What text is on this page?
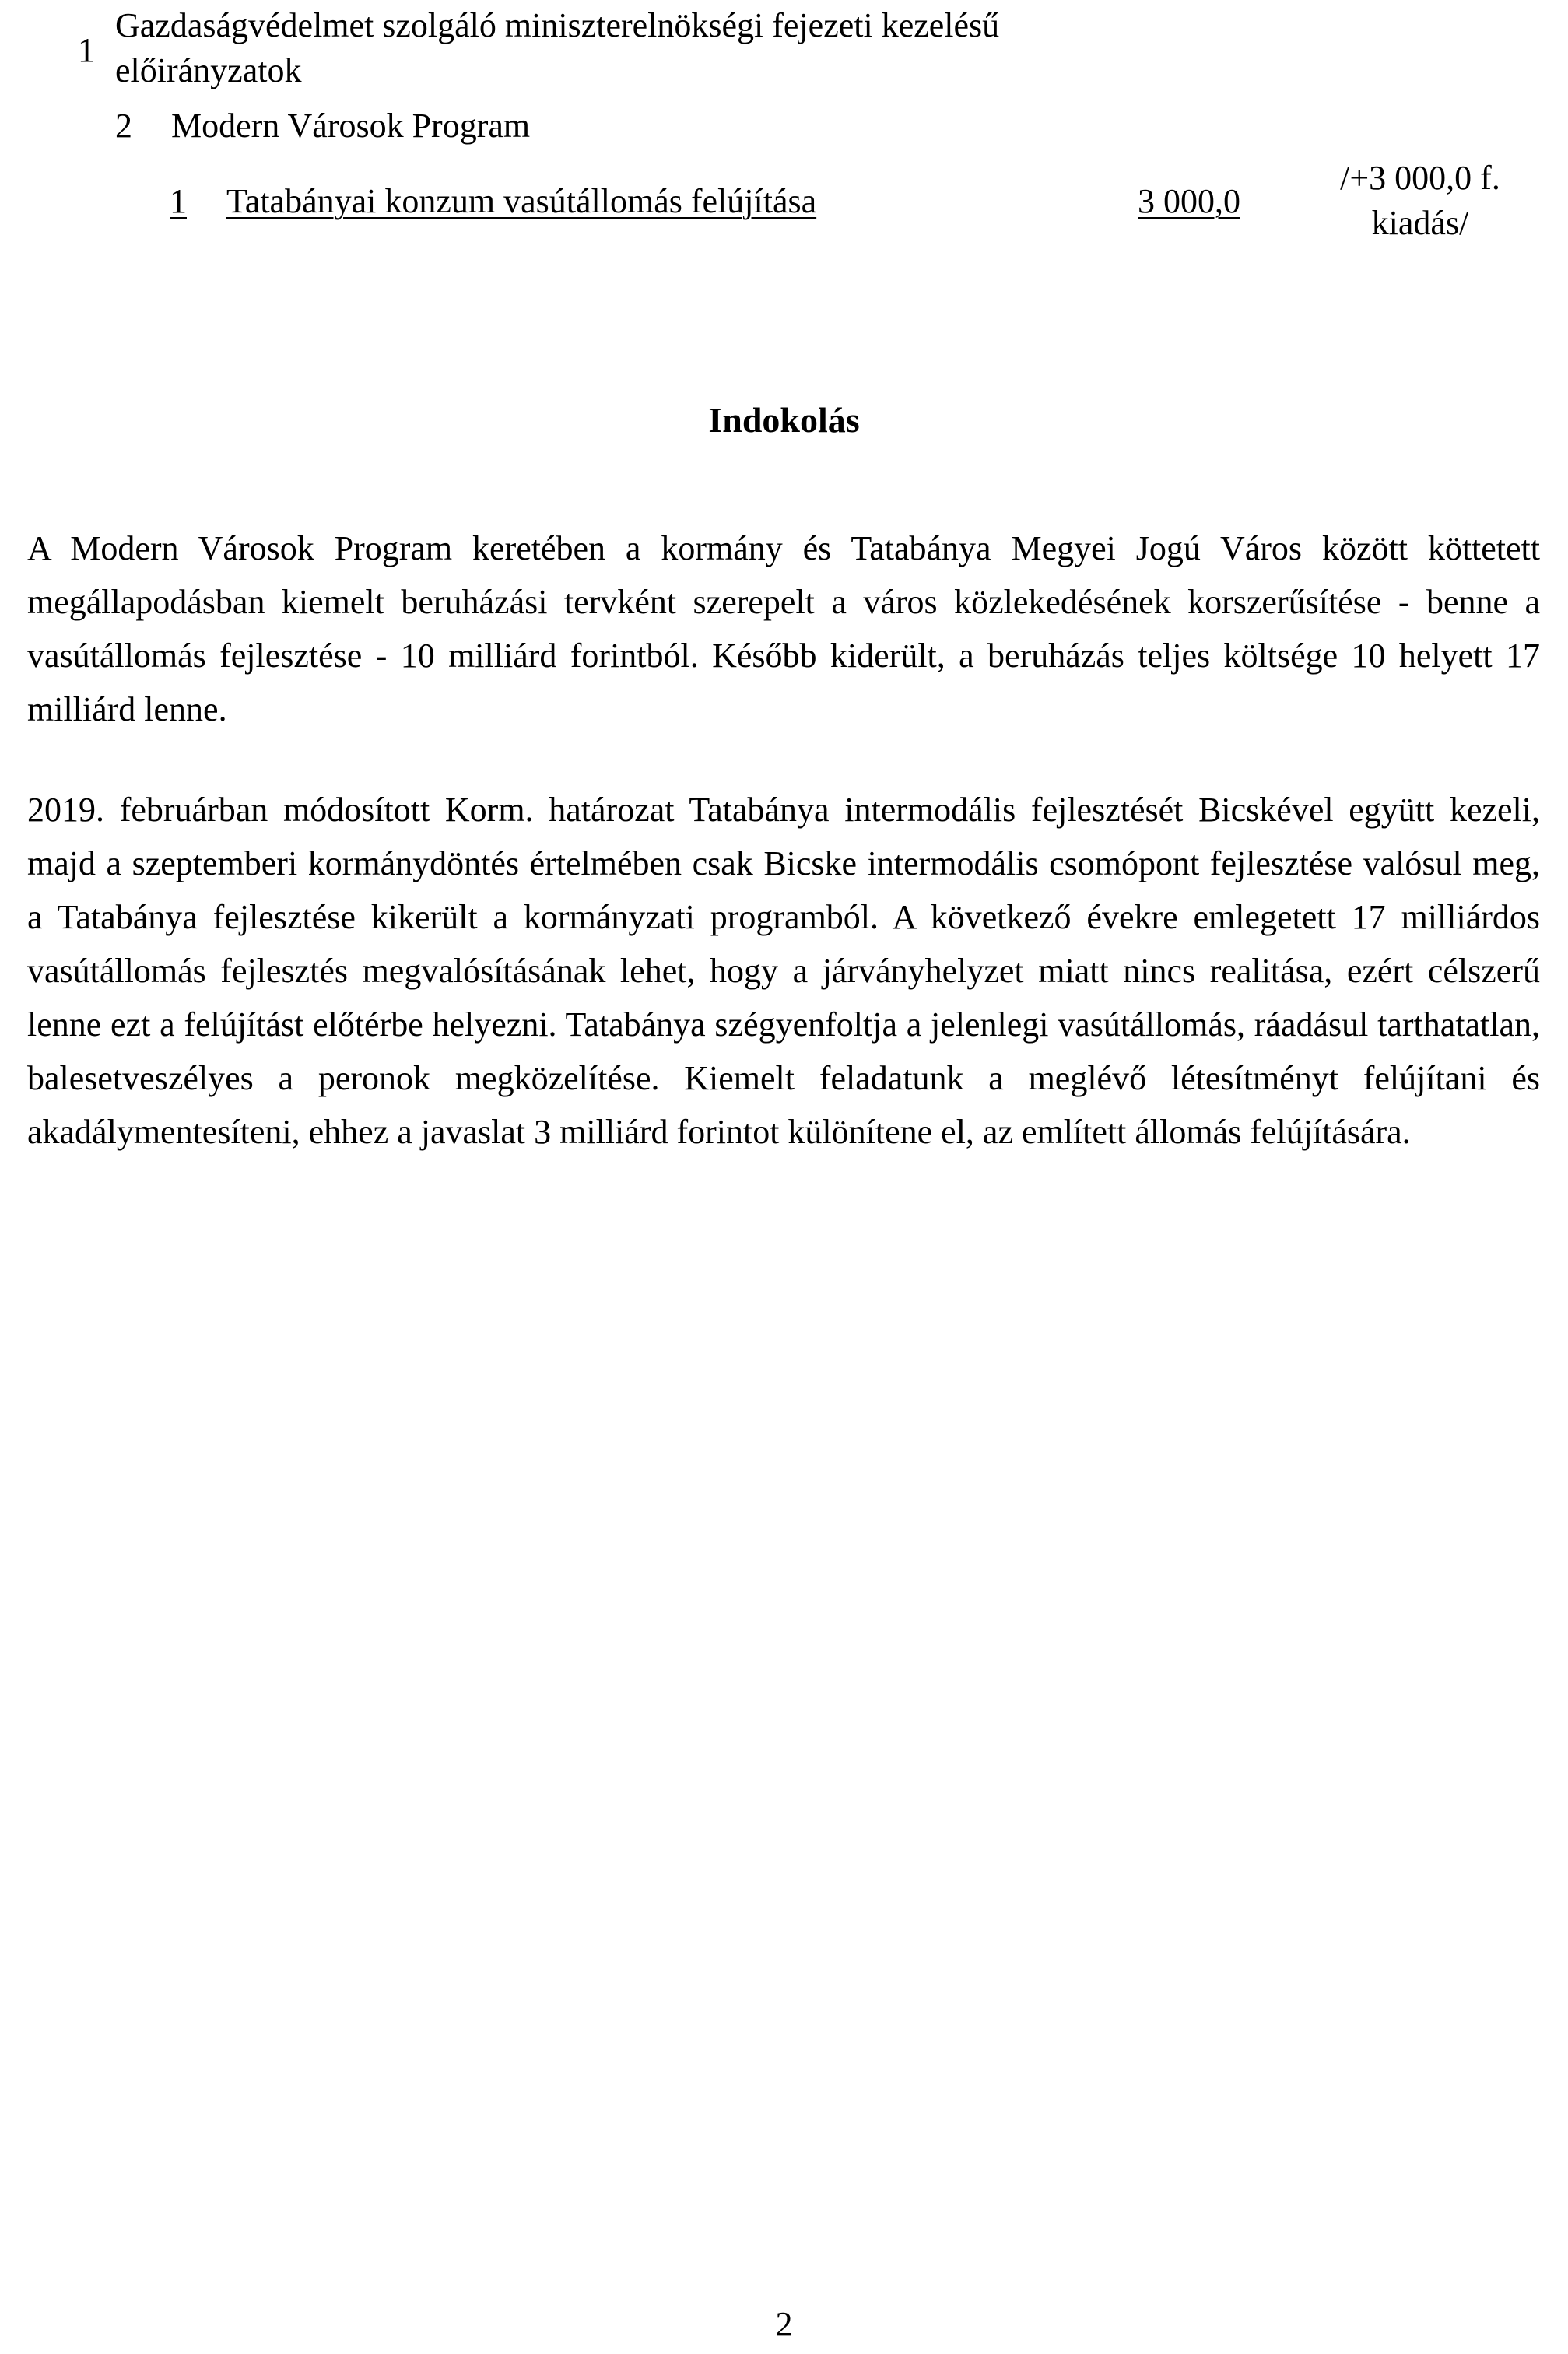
1
Gazdaságvédelmet szolgáló miniszterelnökségi fejezeti kezelésű előirányzatok
2 Modern Városok Program
1 Tatabányai konzum vasútállomás felújítása	3 000,0
/+3 000,0 f. kiadás/
Indokolás

A Modern Városok Program keretében a kormány és Tatabánya Megyei Jogú Város között köttetett megállapodásban kiemelt beruházási tervként szerepelt a város közlekedésének korszerűsítése - benne a vasútállomás fejlesztése - 10 milliárd forintból. Később kiderült, a beruházás teljes költsége 10 helyett 17 milliárd lenne.

2019. februárban módosított Korm. határozat Tatabánya intermodális fejlesztését Bicskével együtt kezeli, majd a szeptemberi kormánydöntés értelmében csak Bicske intermodális csomópont fejlesztése valósul meg, a Tatabánya fejlesztése kikerült a kormányzati programból. A következő évekre emlegetett 17 milliárdos vasútállomás fejlesztés megvalósításának lehet, hogy a járványhelyzet miatt nincs realitása, ezért célszerű lenne ezt a felújítást előtérbe helyezni. Tatabánya szégyenfoltja a jelenlegi vasútállomás, ráadásul tarthatatlan, balesetveszélyes a peronok megközelítése. Kiemelt feladatunk a meglévő létesítményt felújítani és akadálymentesíteni, ehhez a javaslat 3 milliárd forintot különítene el, az említett állomás felújítására.

2
